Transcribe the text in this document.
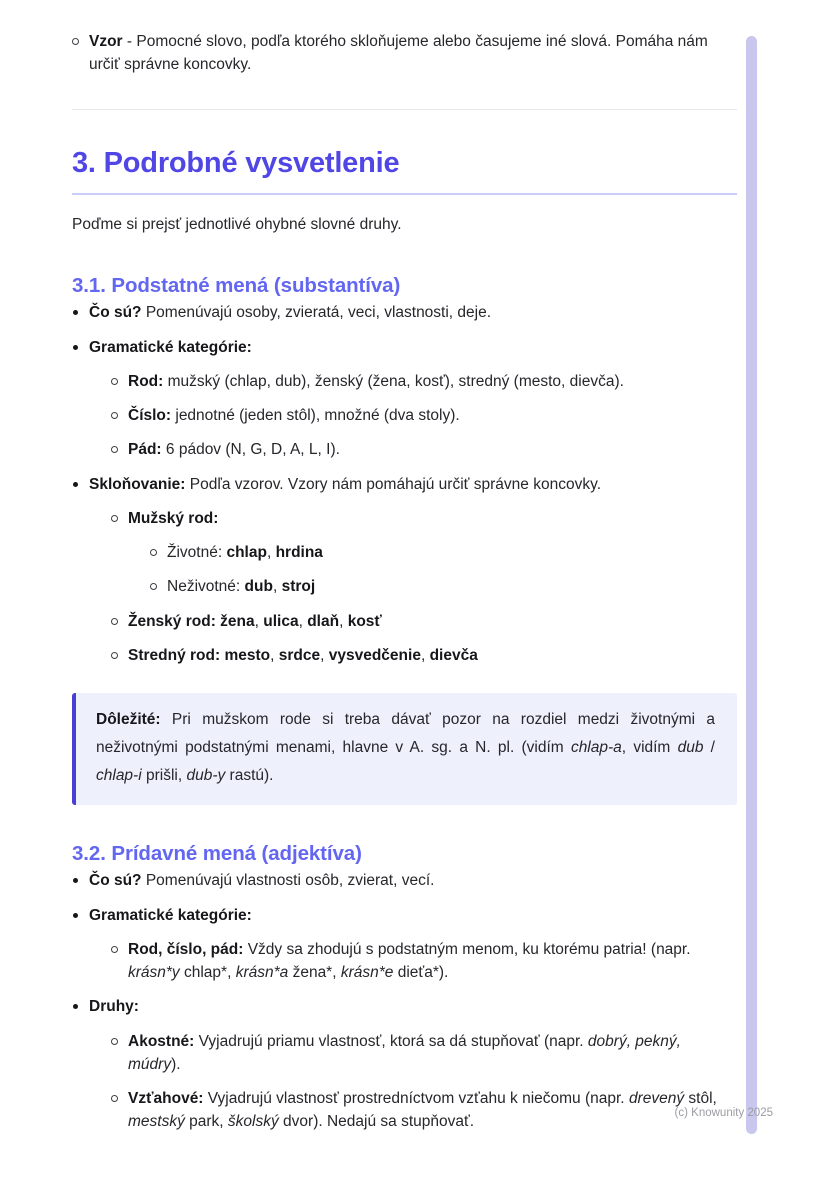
Vzor - Pomocné slovo, podľa ktorého skloňujeme alebo časujeme iné slová. Pomáha nám určiť správne koncovky.
3. Podrobné vysvetlenie

Poďme si prejsť jednotlivé ohybné slovné druhy.

3.1. Podstatné mená (substantíva)
Čo sú? Pomenúvajú osoby, zvieratá, veci, vlastnosti, deje.
Gramatické kategórie:
Rod: mužský (chlap, dub), ženský (žena, kosť), stredný (mesto, dievča).
Číslo: jednotné (jeden stôl), množné (dva stoly).
Pád: 6 pádov (N, G, D, A, L, I).
Skloňovanie: Podľa vzorov. Vzory nám pomáhajú určiť správne koncovky.
Mužský rod:
Životné: chlap, hrdina
Neživotné: dub, stroj
Ženský rod: žena, ulica, dlaň, kosť
Stredný rod: mesto, srdce, vysvedčenie, dievča

Dôležité: Pri mužskom rode si treba dávať pozor na rozdiel medzi životnými a neživotnými podstatnými menami, hlavne v A. sg. a N. pl. (vidím chlap-a, vidím dub / chlap-i prišli, dub-y rastú).

3.2. Prídavné mená (adjektíva)
Čo sú? Pomenúvajú vlastnosti osôb, zvierat, vecí.
Gramatické kategórie:
Rod, číslo, pád: Vždy sa zhodujú s podstatným menom, ku ktorému patria! (napr. krásn*y chlap*, krásn*a žena*, krásn*e dieťa*).
Druhy:
Akostné: Vyjadrujú priamu vlastnosť, ktorá sa dá stupňovať (napr. dobrý, pekný, múdry).
Vzťahové: Vyjadrujú vlastnosť prostredníctvom vzťahu k niečomu (napr. drevený stôl, mestský park, školský dvor). Nedajú sa stupňovať.
(c) Knowunity 2025
